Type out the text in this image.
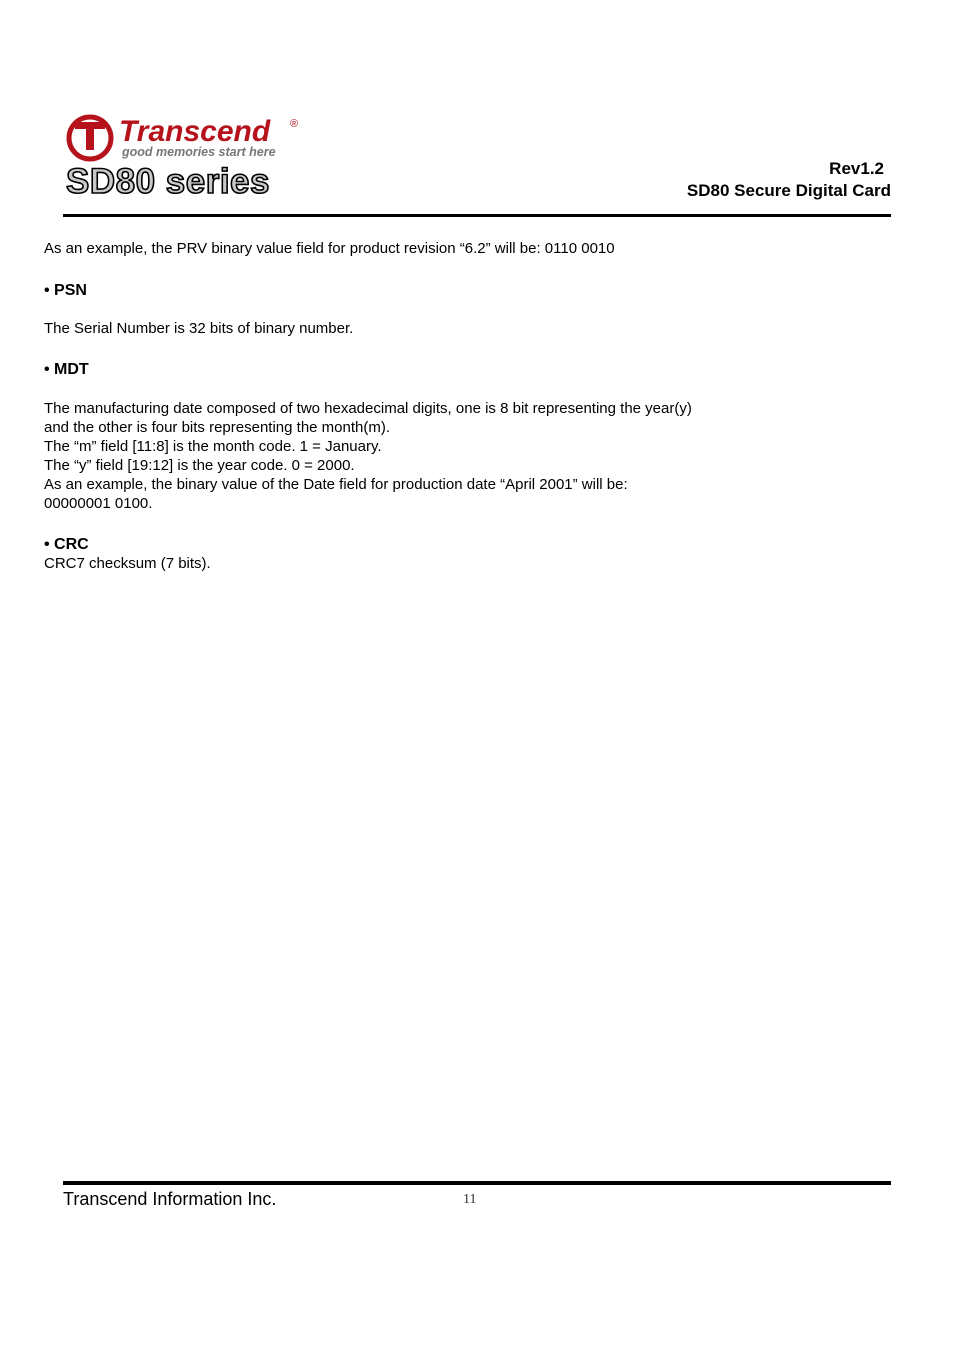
Transcend ®
good memories start here
SD80 series	Rev1.2
SD80 Secure Digital Card

As an example, the PRV binary value field for product revision “6.2” will be: 0110 0010

• PSN

The Serial Number is 32 bits of binary number.

• MDT

The manufacturing date composed of two hexadecimal digits, one is 8 bit representing the year(y)

and the other is four bits representing the month(m).

The “m” field [11:8] is the month code. 1 = January.

The “y” field [19:12] is the year code. 0 = 2000.

As an example, the binary value of the Date field for production date “April 2001” will be:

00000001 0100.

• CRC

CRC7 checksum (7 bits).

Transcend Information Inc.	11
